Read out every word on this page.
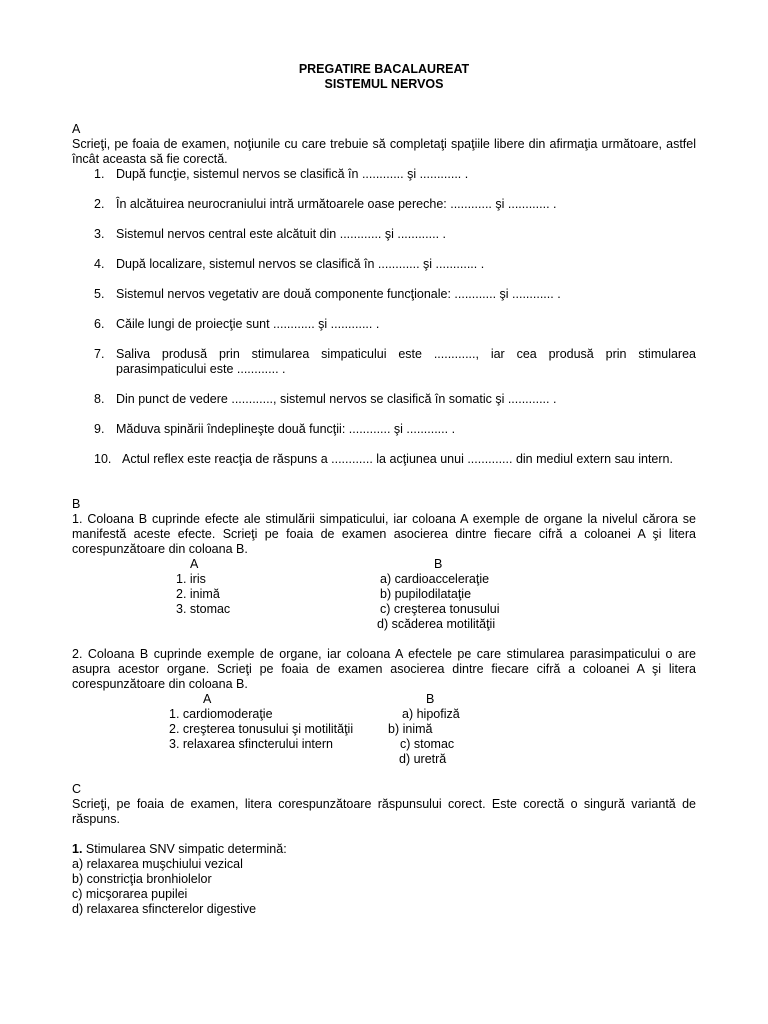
PREGATIRE BACALAUREAT
SISTEMUL NERVOS
A
Scrieţi, pe foaia de examen, noţiunile cu care trebuie să completaţi spaţiile libere din afirmaţia următoare, astfel încât aceasta să fie corectă.
1. După funcţie, sistemul nervos se clasifică în ............ şi ............ .
2. În alcătuirea neurocraniului intră următoarele oase pereche: ............ şi ............ .
3. Sistemul nervos central este alcătuit din ............ şi ............ .
4. După localizare, sistemul nervos se clasifică în ............ şi ............ .
5. Sistemul nervos vegetativ are două componente funcţionale: ............ şi ............ .
6. Căile lungi de proiecţie sunt ............ şi ............ .
7. Saliva produsă prin stimularea simpaticului este ............, iar cea produsă prin stimularea parasimpaticului este ............ .
8. Din punct de vedere ............, sistemul nervos se clasifică în somatic şi ............ .
9. Măduva spinării îndeplineşte două funcţii: ............ şi ............ .
10. Actul reflex este reacţia de răspuns a ............ la acţiunea unui ............. din mediul extern sau intern.
B
1. Coloana B cuprinde efecte ale stimulării simpaticului, iar coloana A exemple de organe la nivelul cărora se manifestă aceste efecte. Scrieţi pe foaia de examen asocierea dintre fiecare cifră a coloanei A şi litera corespunzătoare din coloana B.
A	B
1. iris
2. inimă
3. stomac
a) cardioacceleraţie
b) pupilodilataţie
c) creşterea tonusului
d) scăderea motilităţii
2. Coloana B cuprinde exemple de organe, iar coloana A efectele pe care stimularea parasimpaticului o are asupra acestor organe. Scrieţi pe foaia de examen asocierea dintre fiecare cifră a coloanei A şi litera corespunzătoare din coloana B.
A	B
1. cardiomoderaţie
2. creşterea tonusului şi motilităţii
3. relaxarea sfincterului intern
a) hipofiză
b) inimă
c) stomac
d) uretră
C
Scrieţi, pe foaia de examen, litera corespunzătoare răspunsului corect. Este corectă o singură variantă de răspuns.
1. Stimularea SNV simpatic determină:
a) relaxarea muşchiului vezical
b) constricţia bronhiolelor
c) micşorarea pupilei
d) relaxarea sfincterelor digestive
